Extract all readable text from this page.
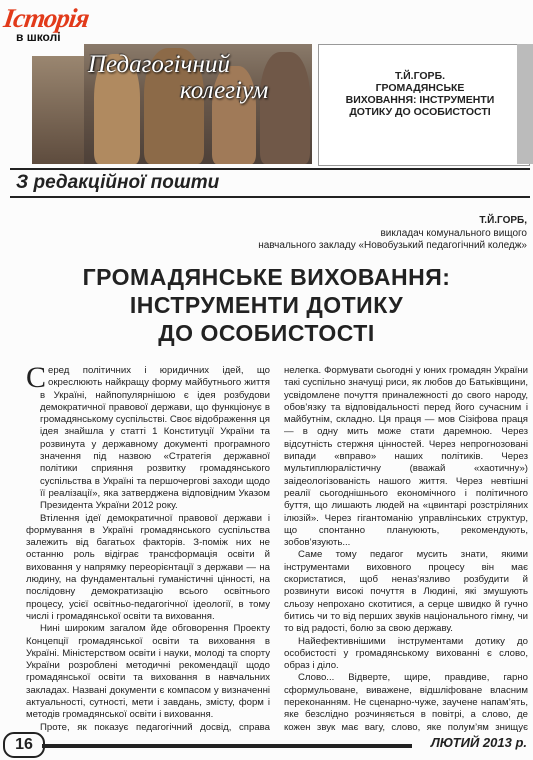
Історія
в школі
Педагогічний
колегіум
Т.Й.ГОРБ.
ГРОМАДЯНСЬКЕ ВИХОВАННЯ: ІНСТРУМЕНТИ ДОТИКУ ДО ОСОБИСТОСТІ
З редакційної пошти
Т.Й.ГОРБ,
викладач комунального вищого
навчального закладу «Новобузький педагогічний коледж»
ГРОМАДЯНСЬКЕ ВИХОВАННЯ:
ІНСТРУМЕНТИ ДОТИКУ
ДО ОСОБИСТОСТІ

Серед політичних і юридичних ідей, що окреслюють найкращу форму майбутнього життя в Україні, найпопулярнішою є ідея розбудови демократичної правової держави, що функціонує в громадянському суспільстві. Своє відображення ця ідея знайшла у статті 1 Конституції України та розвинута у державному документі програмного значення під назвою «Стратегія державної політики сприяння розвитку громадянського суспільства в Україні та першочергові заходи щодо її реалізації», яка затверджена відповідним Указом Президента України 2012 року.

Втілення ідеї демократичної правової держави і формування в Україні громадянського суспільства залежить від багатьох факторів. З-поміж них не останню роль відіграє трансформація освіти й виховання у напрямку переорієнтації з держави — на людину, на фундаментальні гуманістичні цінності, на послідовну демократизацію всього освітнього процесу, усієї освітньо-педагогічної ідеології, в тому числі і громадянської освіти та виховання.

Нині широким загалом йде обговорення Проекту Концепції громадянської освіти та виховання в Україні. Міністерством освіти і науки, молоді та спорту України розроблені методичні рекомендації щодо громадянської освіти та виховання в навчальних закладах. Названі документи є компасом у визначенні актуальності, сутності, мети і завдань, змісту, форм і методів громадянської освіти і виховання.

Проте, як показує педагогічний досвід, справа

нелегка. Формувати сьогодні у юних громадян України такі суспільно значущі риси, як любов до Батьківщини, усвідомлене почуття приналежності до свого народу, обов’язку та відповідальності перед його сучасним і майбутнім, складно. Ця праця — мов Сізіфова праця — в одну мить може стати даремною. Через відсутність стержня цінностей. Через непрогнозовані випади «вправо» наших політиків. Через мультиплюралістичну (вважай «хаотичну») заідеологізованість нашого життя. Через невтішні реалії сьогоднішнього економічного і політичного буття, що лишають людей на «цвинтарі розстріляних ілюзій». Через гігантоманію управлінських структур, що спонтанно плануюють, рекомендують, зобов’язують...

Саме тому педагог мусить знати, якими інструментами виховного процесу він має скористатися, щоб неназ’язливо розбудити й розвинути високі почуття в Людині, які змушують сльозу непрохано скотитися, а серце швидко й гучно битись чи то від перших звуків національного гімну, чи то від радості, болю за свою державу.

Найефективнішими інструментами дотику до особистості у громадянському вихованні є слово, образ і діло.

Слово... Відверте, щире, правдиве, гарно сформульоване, виважене, відшліфоване власним переконанням. Не сценарно-чуже, заучене напам’ять, яке безслідно розчиняється в повітрі, а слово, де кожен звук має вагу, слово, яке полум’ям знищує

16	ЛЮТИЙ 2013 р.
